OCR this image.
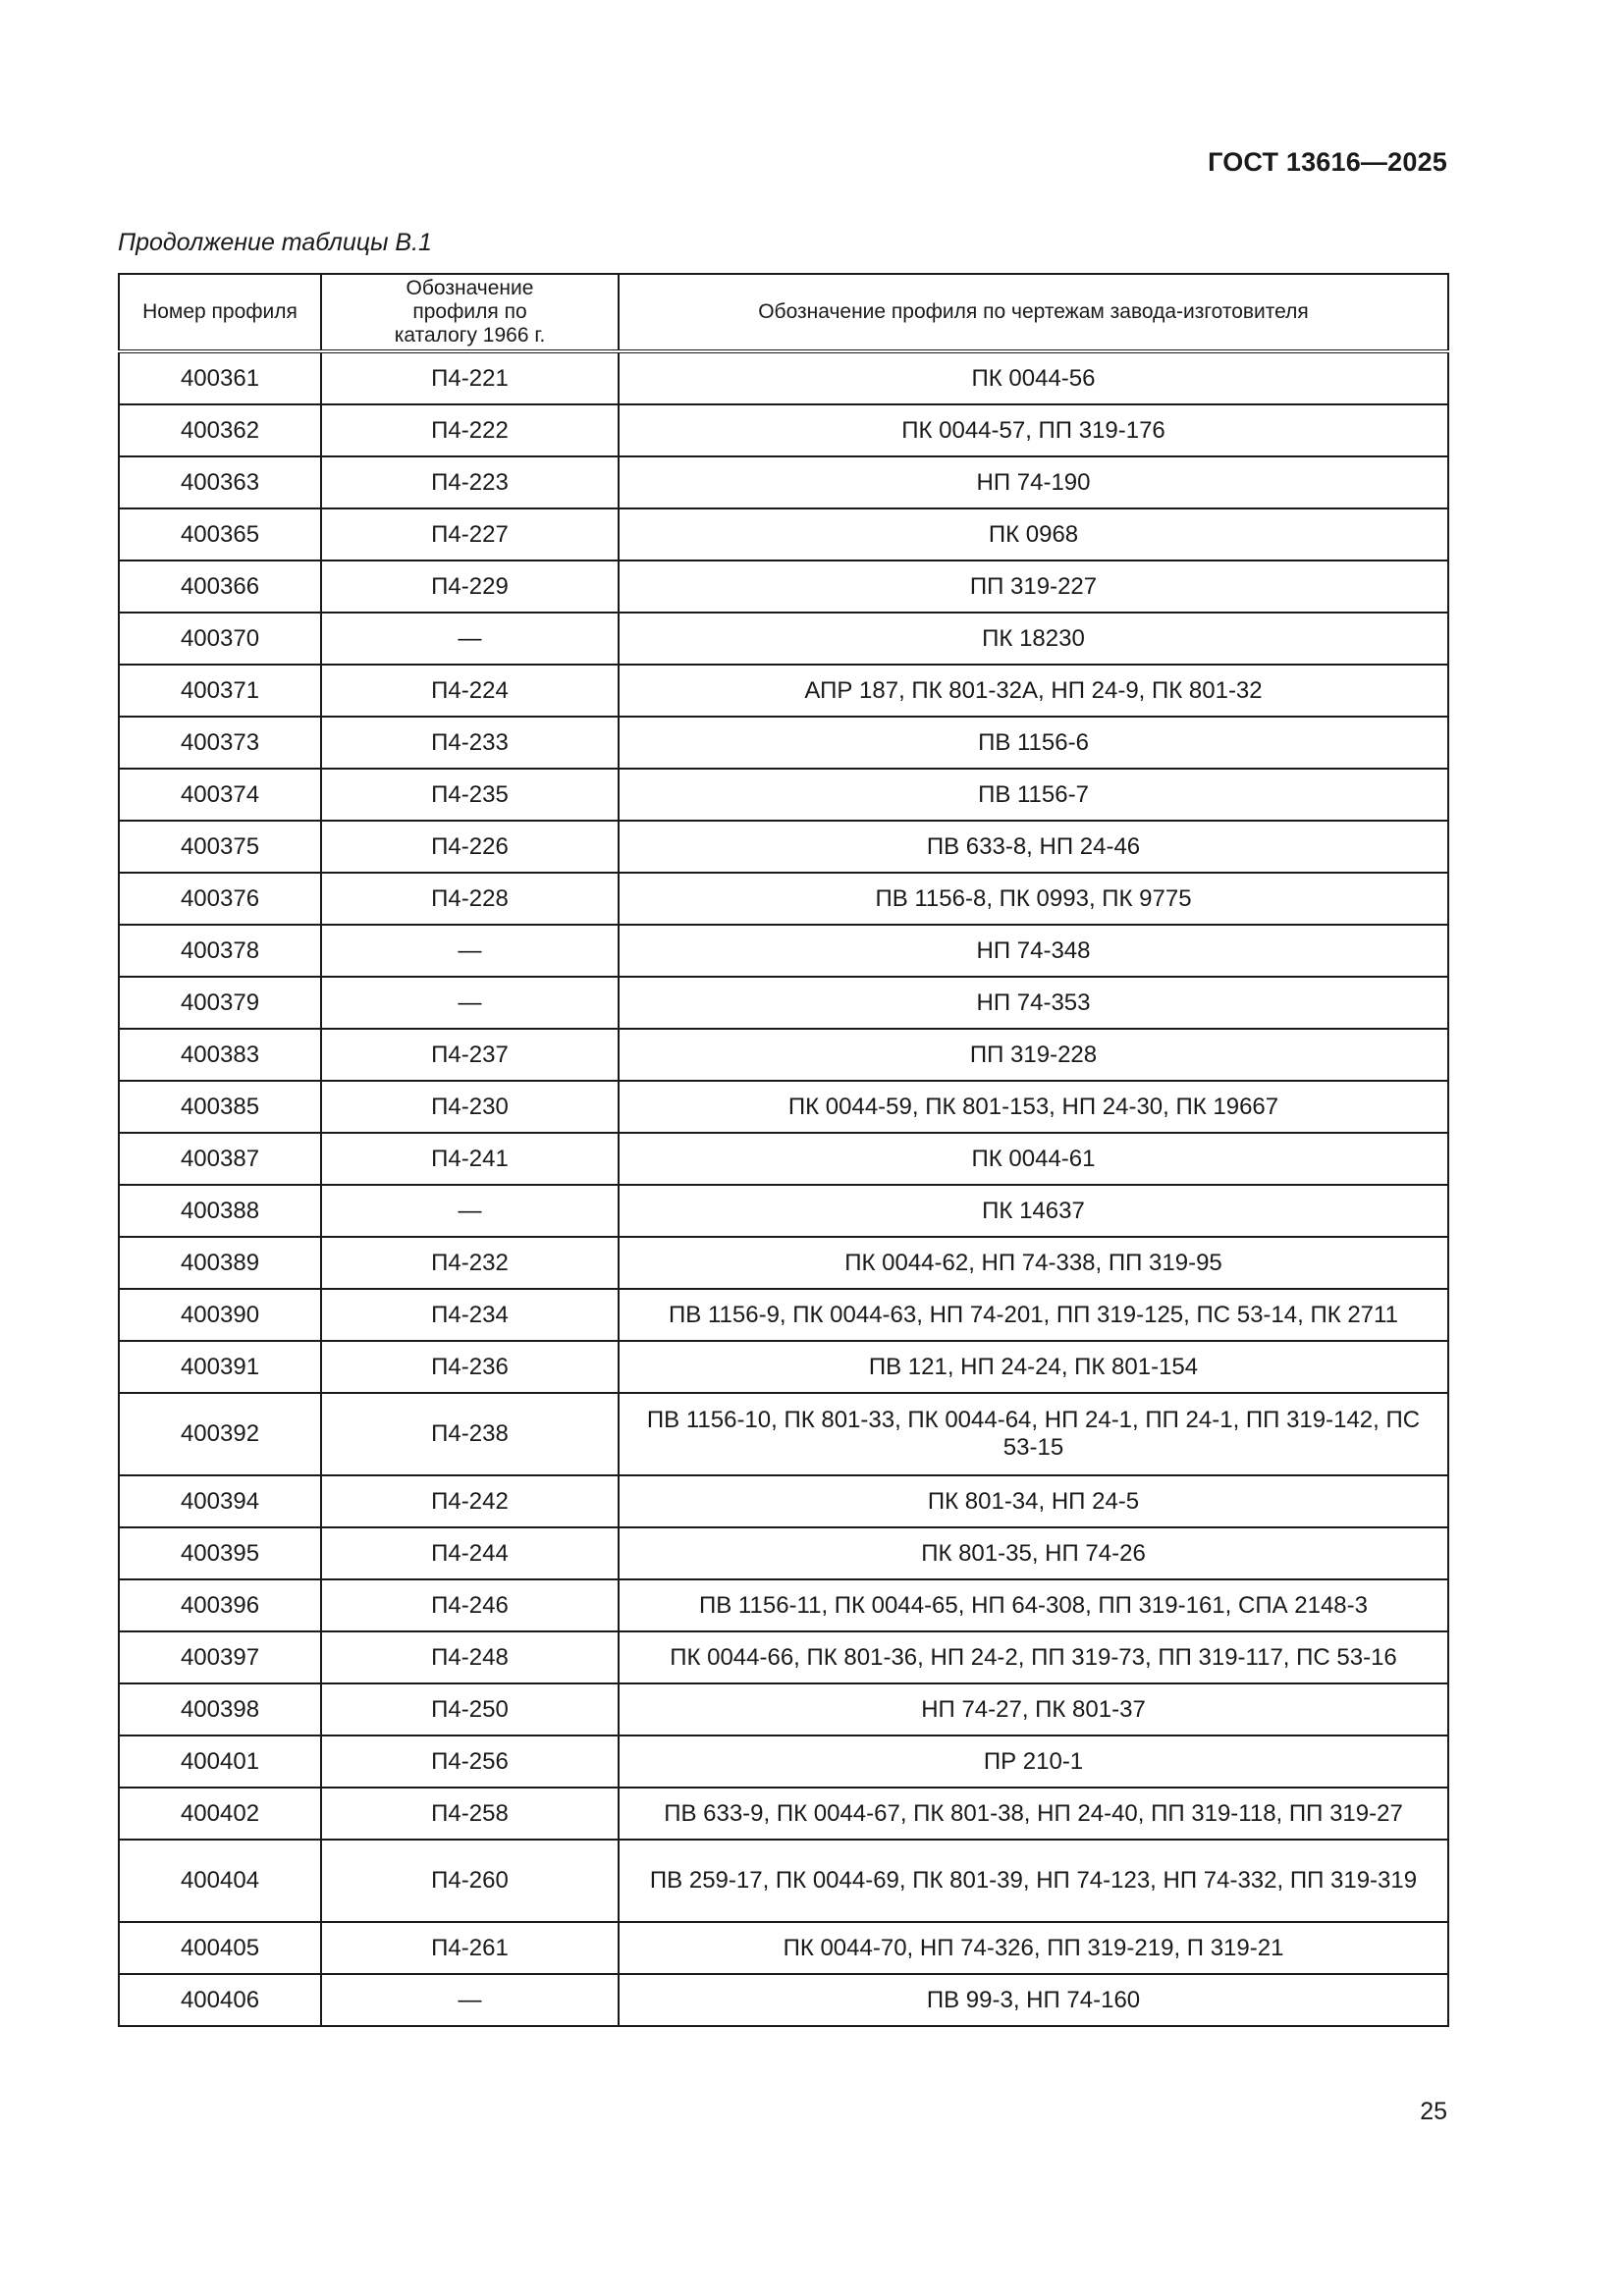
ГОСТ 13616—2025
Продолжение таблицы В.1
Номер профиля	Обозначение профиля по каталогу 1966 г.	Обозначение профиля по чертежам завода-изготовителя
400361	П4-221	ПК 0044-56
400362	П4-222	ПК 0044-57, ПП 319-176
400363	П4-223	НП 74-190
400365	П4-227	ПК 0968
400366	П4-229	ПП 319-227
400370	—	ПК 18230
400371	П4-224	АПР 187, ПК 801-32А, НП 24-9, ПК 801-32
400373	П4-233	ПВ 1156-6
400374	П4-235	ПВ 1156-7
400375	П4-226	ПВ 633-8, НП 24-46
400376	П4-228	ПВ 1156-8, ПК 0993, ПК 9775
400378	—	НП 74-348
400379	—	НП 74-353
400383	П4-237	ПП 319-228
400385	П4-230	ПК 0044-59, ПК 801-153, НП 24-30, ПК 19667
400387	П4-241	ПК 0044-61
400388	—	ПК 14637
400389	П4-232	ПК 0044-62, НП 74-338, ПП 319-95
400390	П4-234	ПВ 1156-9, ПК 0044-63, НП 74-201, ПП 319-125, ПС 53-14, ПК 2711
400391	П4-236	ПВ 121, НП 24-24, ПК 801-154
400392	П4-238	ПВ 1156-10, ПК 801-33, ПК 0044-64, НП 24-1, ПП 24-1, ПП 319-142, ПС 53-15
400394	П4-242	ПК 801-34, НП 24-5
400395	П4-244	ПК 801-35, НП 74-26
400396	П4-246	ПВ 1156-11, ПК 0044-65, НП 64-308, ПП 319-161, СПА 2148-3
400397	П4-248	ПК 0044-66, ПК 801-36, НП 24-2, ПП 319-73, ПП 319-117, ПС 53-16
400398	П4-250	НП 74-27, ПК 801-37
400401	П4-256	ПР 210-1
400402	П4-258	ПВ 633-9, ПК 0044-67, ПК 801-38, НП 24-40, ПП 319-118, ПП 319-27
400404	П4-260	ПВ 259-17, ПК 0044-69, ПК 801-39, НП 74-123, НП 74-332, ПП 319-319
400405	П4-261	ПК 0044-70, НП 74-326, ПП 319-219, П 319-21
400406	—	ПВ 99-3, НП 74-160
25
